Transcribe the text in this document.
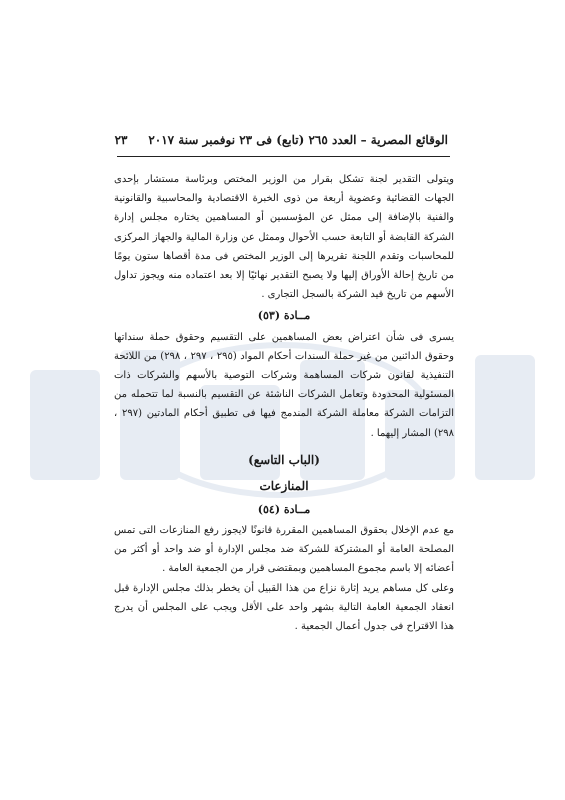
الوقائع المصرية – العدد ٢٦٥ (تابع) فى ٢٣ نوفمبر سنة ٢٠١٧     ٢٣

ويتولى التقدير لجنة تشكل بقرار من الوزير المختص وبرئاسة مستشار بإحدى الجهات القضائية وعضوية أربعة من ذوى الخبرة الاقتصادية والمحاسبية والقانونية والفنية بالإضافة إلى ممثل عن المؤسسين أو المساهمين يختاره مجلس إدارة الشركة القابضة أو التابعة حسب الأحوال وممثل عن وزارة المالية والجهاز المركزى للمحاسبات وتقدم اللجنة تقريرها إلى الوزير المختص فى مدة أقصاها ستون يومًا من تاريخ إحالة الأوراق إليها ولا يصبح التقدير نهائيًا إلا بعد اعتماده منه ويجوز تداول الأسهم من تاريخ قيد الشركة بالسجل التجارى .

مــادة (٥٣)

يسرى فى شأن اعتراض بعض المساهمين على التقسيم وحقوق حملة سنداتها وحقوق الدائنين من غير حملة السندات أحكام المواد (٢٩٥ ، ٢٩٧ ، ٢٩٨) من اللائحة التنفيذية لقانون شركات المساهمة وشركات التوصية بالأسهم والشركات ذات المسئولية المحدودة وتعامل الشركات الناشئة عن التقسيم بالنسبة لما تتحمله من التزامات الشركة معاملة الشركة المندمج فيها فى تطبيق أحكام المادتين (٢٩٧ ، ٢٩٨) المشار إليهما .

(الباب التاسع)

المنازعات

مــادة (٥٤)

مع عدم الإخلال بحقوق المساهمين المقررة قانونًا لايجوز رفع المنازعات التى تمس المصلحة العامة أو المشتركة للشركة ضد مجلس الإدارة أو ضد واحد أو أكثر من أعضائه إلا باسم مجموع المساهمين وبمقتضى قرار من الجمعية العامة .

وعلى كل مساهم يريد إثارة نزاع من هذا القبيل أن يخطر بذلك مجلس الإدارة قبل انعقاد الجمعية العامة التالية بشهر واحد على الأقل ويجب على المجلس أن يدرج هذا الاقتراح فى جدول أعمال الجمعية .
